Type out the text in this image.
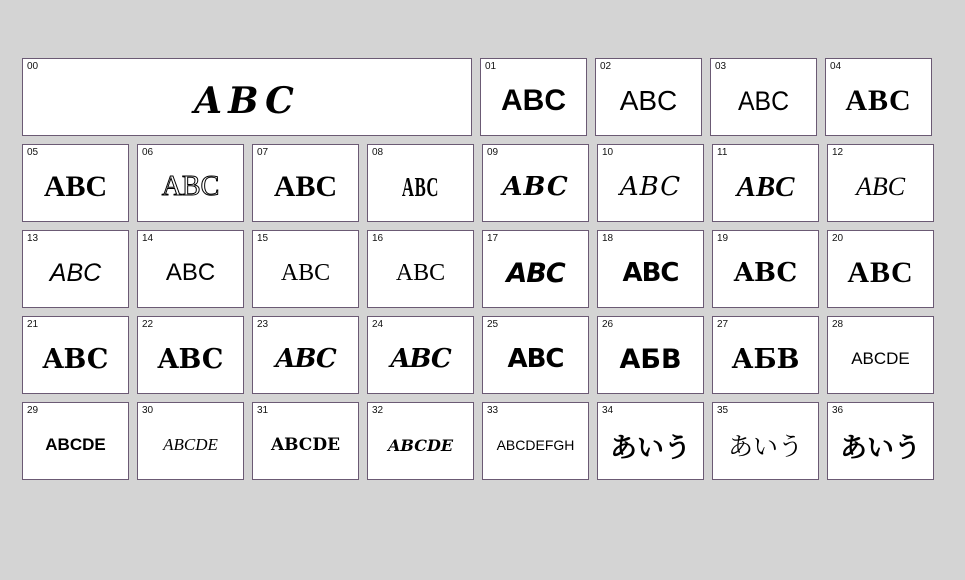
00
ABC
01
ABC
02
ABC
03
ABC
04
ABC
05
ABC
06
ABC
07
ABC
08
ABC
09
ABC
10
ABC
11
ABC
12
ABC
13
ABC
14
ABC
15
ABC
16
ABC
17
ABC
18
ABC
19
ABC
20
ABC
21
ABC
22
ABC
23
ABC
24
ABC
25
ABC
26
АБВ
27
АБВ
28
ABCDE
29
ABCDE
30
ABCDE
31
ABCDE
32
ABCDE
33
ABCDEFGH
34
あいう
35
あいう
36
あいう
